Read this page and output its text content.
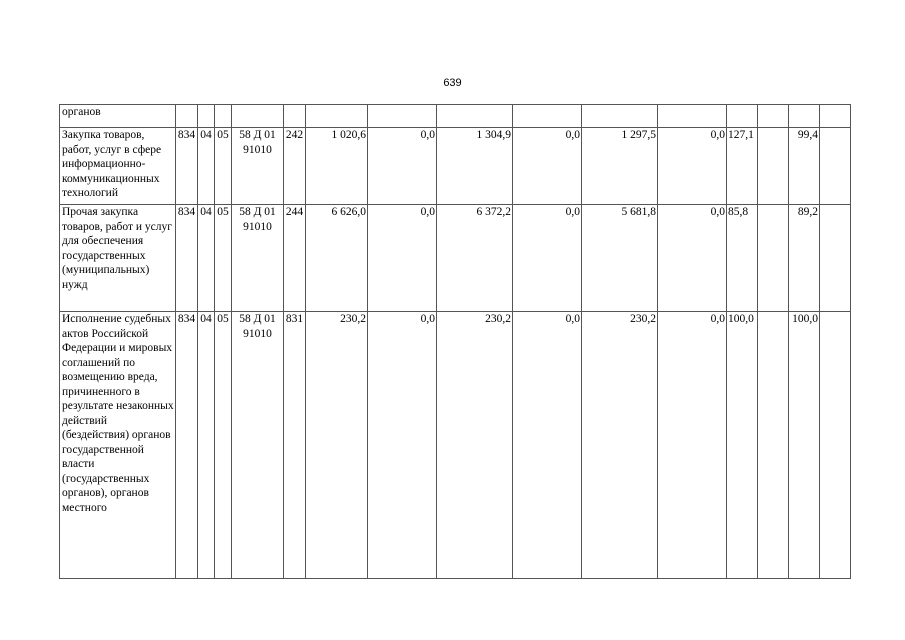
639
органов															
Закупка товаров, работ, услуг в сфере информационно-коммуникационных технологий	834	04	05	58 Д 01 91010	242	1 020,6	0,0	1 304,9	0,0	1 297,5	0,0	127,1		99,4	
Прочая закупка товаров, работ и услуг для обеспечения государственных (муниципальных) нужд	834	04	05	58 Д 01 91010	244	6 626,0	0,0	6 372,2	0,0	5 681,8	0,0	85,8		89,2	
Исполнение судебных актов Российской Федерации и мировых соглашений по возмещению вреда, причиненного в результате незаконных действий (бездействия) органов государственной власти (государственных органов), органов местного	834	04	05	58 Д 01 91010	831	230,2	0,0	230,2	0,0	230,2	0,0	100,0		100,0	
